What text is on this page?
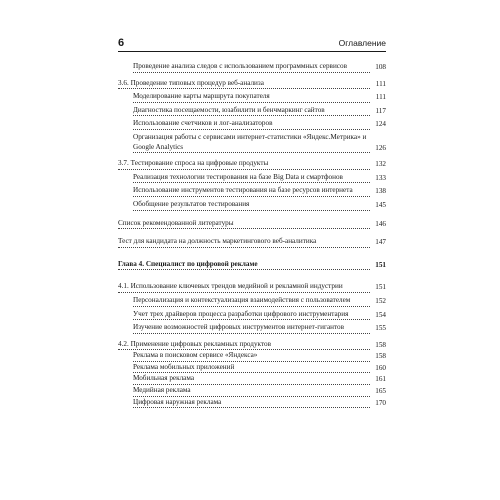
6	Оглавление
Проведение анализа следов с использованием программных сервисов	108
3.6. Проведение типовых процедур веб-анализа	111
Моделирование карты маршрута покупателя	111
Диагностика посещаемости, юзабилити и бенчмаркинг сайтов	117
Использование счетчиков и лог-анализаторов	124
Организация работы с сервисами интернет-статистики «Яндекс.Метрика» и Google Analytics	126
3.7. Тестирование спроса на цифровые продукты	132
Реализация технологии тестирования на базе Big Data и смартфонов	133
Использование инструментов тестирования на базе ресурсов интернета	138
Обобщение результатов тестирования	145
Список рекомендованной литературы	146
Тест для кандидата на должность маркетингового веб-аналитика	147
Глава 4. Специалист по цифровой рекламе	151
4.1. Использование ключевых трендов медийной и рекламной индустрии	151
Персонализация и контекстуализация взаимодействия с пользователем	152
Учет трех драйверов процесса разработки цифрового инструментария	154
Изучение возможностей цифровых инструментов интернет-гигантов	155
4.2. Применение цифровых рекламных продуктов	158
Реклама в поисковом сервисе «Яндекса»	158
Реклама мобильных приложений	160
Мобильная реклама	161
Медийная реклама	165
Цифровая наружная реклама	170
